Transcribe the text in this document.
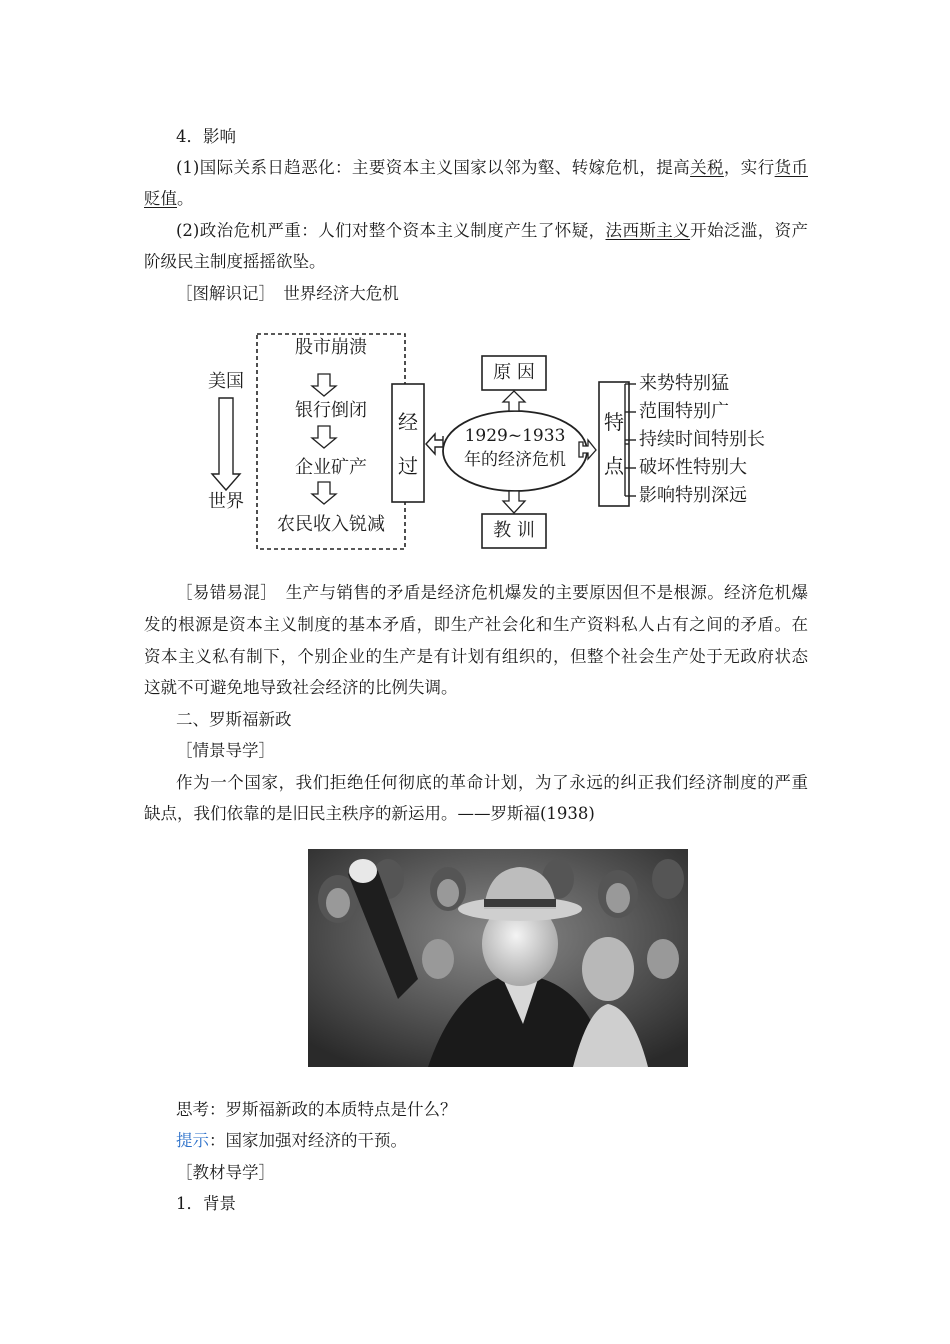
4．影响
(1)国际关系日趋恶化：主要资本主义国家以邻为壑、转嫁危机，提高关税，实行货币
贬值。
(2)政治危机严重：人们对整个资本主义制度产生了怀疑，法西斯主义开始泛滥，资产
阶级民主制度摇摇欲坠。
［图解识记］　世界经济大危机
美国
世界
股市崩溃
银行倒闭
企业矿产
农民收入锐减
经过
原 因
教 训
1929~1933
年的经济危机
特点
来势特别猛
范围特别广
持续时间特别长
破坏性特别大
影响特别深远
［易错易混］　生产与销售的矛盾是经济危机爆发的主要原因但不是根源。经济危机爆
发的根源是资本主义制度的基本矛盾，即生产社会化和生产资料私人占有之间的矛盾。在
资本主义私有制下，个别企业的生产是有计划有组织的，但整个社会生产处于无政府状态
这就不可避免地导致社会经济的比例失调。
二、罗斯福新政
［情景导学］
作为一个国家，我们拒绝任何彻底的革命计划，为了永远的纠正我们经济制度的严重
缺点，我们依靠的是旧民主秩序的新运用。——罗斯福(1938)
思考：罗斯福新政的本质特点是什么？
提示：国家加强对经济的干预。
［教材导学］
1．背景
